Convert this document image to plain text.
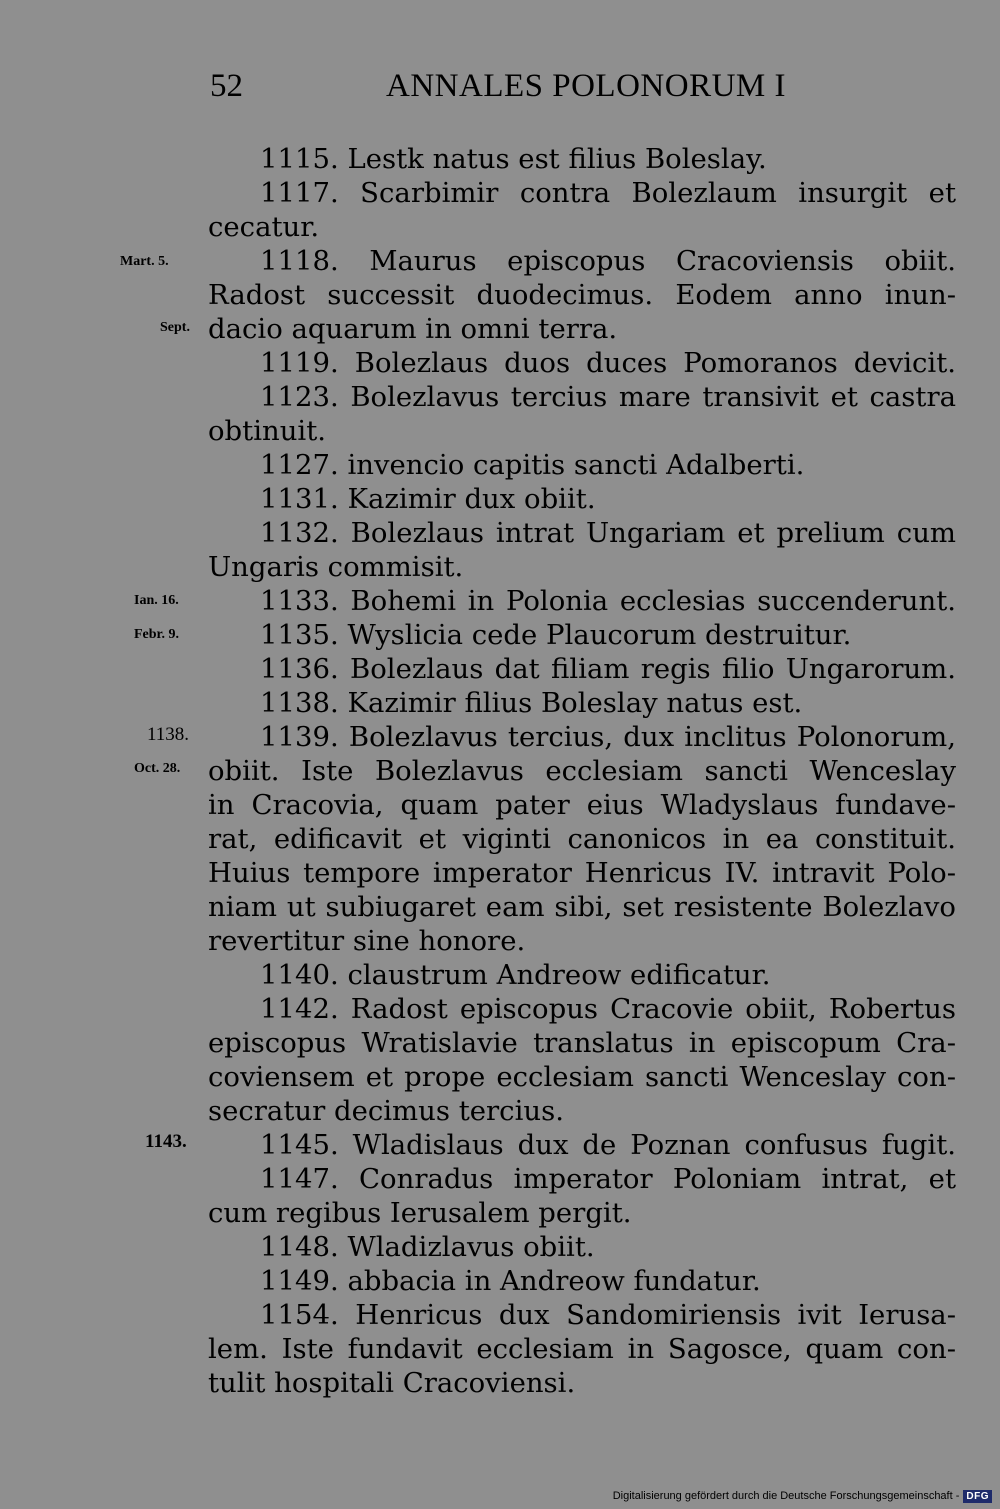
52	ANNALES POLONORUM I
1115. Lestk natus est filius Boleslay.
1117. Scarbimir contra Bolezlaum insurgit et
cecatur.
1118. Maurus episcopus Cracoviensis obiit.
Radost successit duodecimus. Eodem anno inun-
dacio aquarum in omni terra.
1119. Bolezlaus duos duces Pomoranos devicit.
1123. Bolezlavus tercius mare transivit et castra
obtinuit.
1127. invencio capitis sancti Adalberti.
1131. Kazimir dux obiit.
1132. Bolezlaus intrat Ungariam et prelium cum
Ungaris commisit.
1133. Bohemi in Polonia ecclesias succenderunt.
1135. Wyslicia cede Plaucorum destruitur.
1136. Bolezlaus dat filiam regis filio Ungarorum.
1138. Kazimir filius Boleslay natus est.
1139. Bolezlavus tercius, dux inclitus Polonorum,
obiit. Iste Bolezlavus ecclesiam sancti Wenceslay
in Cracovia, quam pater eius Wladyslaus fundave-
rat, edificavit et viginti canonicos in ea constituit.
Huius tempore imperator Henricus IV. intravit Polo-
niam ut subiugaret eam sibi, set resistente Bolezlavo
revertitur sine honore.
1140. claustrum Andreow edificatur.
1142. Radost episcopus Cracovie obiit, Robertus
episcopus Wratislavie translatus in episcopum Cra-
coviensem et prope ecclesiam sancti Wenceslay con-
secratur decimus tercius.
1145. Wladislaus dux de Poznan confusus fugit.
1147. Conradus imperator Poloniam intrat, et
cum regibus Ierusalem pergit.
1148. Wladizlavus obiit.
1149. abbacia in Andreow fundatur.
1154. Henricus dux Sandomiriensis ivit Ierusa-
lem. Iste fundavit ecclesiam in Sagosce, quam con-
tulit hospitali Cracoviensi.
Mart. 5.
Sept.
Ian. 16.
Febr. 9.
1138.
Oct. 28.
1143.
Digitalisierung gefördert durch die Deutsche Forschungsgemeinschaft - DFG
